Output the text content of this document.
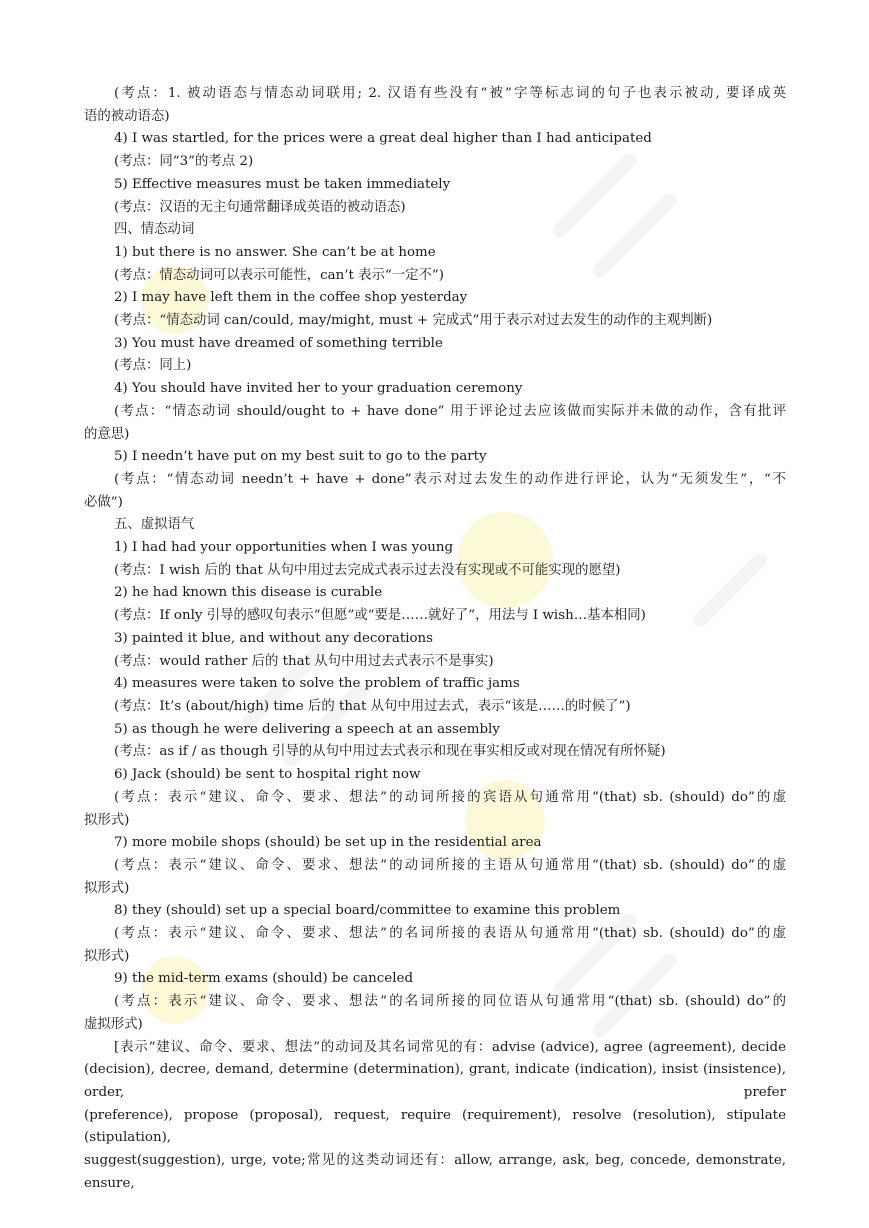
(考点：1. 被动语态与情态动词联用; 2. 汉语有些没有“被”字等标志词的句子也表示被动, 要译成英

语的被动语态)

4) I was startled, for the prices were a great deal higher than I had anticipated

(考点：同“3”的考点 2)

5) Effective measures must be taken immediately

(考点：汉语的无主句通常翻译成英语的被动语态)

四、情态动词

1) but there is no answer. She can’t be at home

(考点：情态动词可以表示可能性，can’t 表示“一定不”)

2) I may have left them in the coffee shop yesterday

(考点：“情态动词 can/could, may/might, must + 完成式”用于表示对过去发生的动作的主观判断)

3) You must have dreamed of something terrible

(考点：同上)

4) You should have invited her to your graduation ceremony

(考点：“情态动词 should/ought to + have done” 用于评论过去应该做而实际并未做的动作，含有批评

的意思)

5) I needn’t have put on my best suit to go to the party

(考点：“情态动词 needn’t + have + done”表示对过去发生的动作进行评论，认为“无须发生”，“不

必做”)

五、虚拟语气

1) I had had your opportunities when I was young

(考点：I wish 后的 that 从句中用过去完成式表示过去没有实现或不可能实现的愿望)

2) he had known this disease is curable

(考点：If only 引导的感叹句表示“但愿”或“要是……就好了”，用法与 I wish…基本相同)

3) painted it blue, and without any decorations

(考点：would rather 后的 that 从句中用过去式表示不是事实)

4) measures were taken to solve the problem of traffic jams

(考点：It’s (about/high) time 后的 that 从句中用过去式，表示“该是……的时候了”)

5) as though he were delivering a speech at an assembly

(考点：as if / as though 引导的从句中用过去式表示和现在事实相反或对现在情况有所怀疑)

6) Jack (should) be sent to hospital right now

(考点：表示“建议、命令、要求、想法”的动词所接的宾语从句通常用“(that) sb. (should) do”的虚

拟形式)

7) more mobile shops (should) be set up in the residential area

(考点：表示“建议、命令、要求、想法”的动词所接的主语从句通常用“(that) sb. (should) do”的虚

拟形式)

8) they (should) set up a special board/committee to examine this problem

(考点：表示“建议、命令、要求、想法”的名词所接的表语从句通常用“(that) sb. (should) do”的虚

拟形式)

9) the mid-term exams (should) be canceled

(考点：表示“建议、命令、要求、想法”的名词所接的同位语从句通常用“(that) sb. (should) do”的

虚拟形式)

[表示“建议、命令、要求、想法”的动词及其名词常见的有：advise (advice), agree (agreement), decide

(decision), decree, demand, determine (determination), grant, indicate (indication), insist (insistence), order, prefer

(preference), propose (proposal), request, require (requirement), resolve (resolution), stipulate (stipulation),

suggest(suggestion), urge, vote;常见的这类动词还有：allow, arrange, ask, beg, concede, demonstrate, ensure,
